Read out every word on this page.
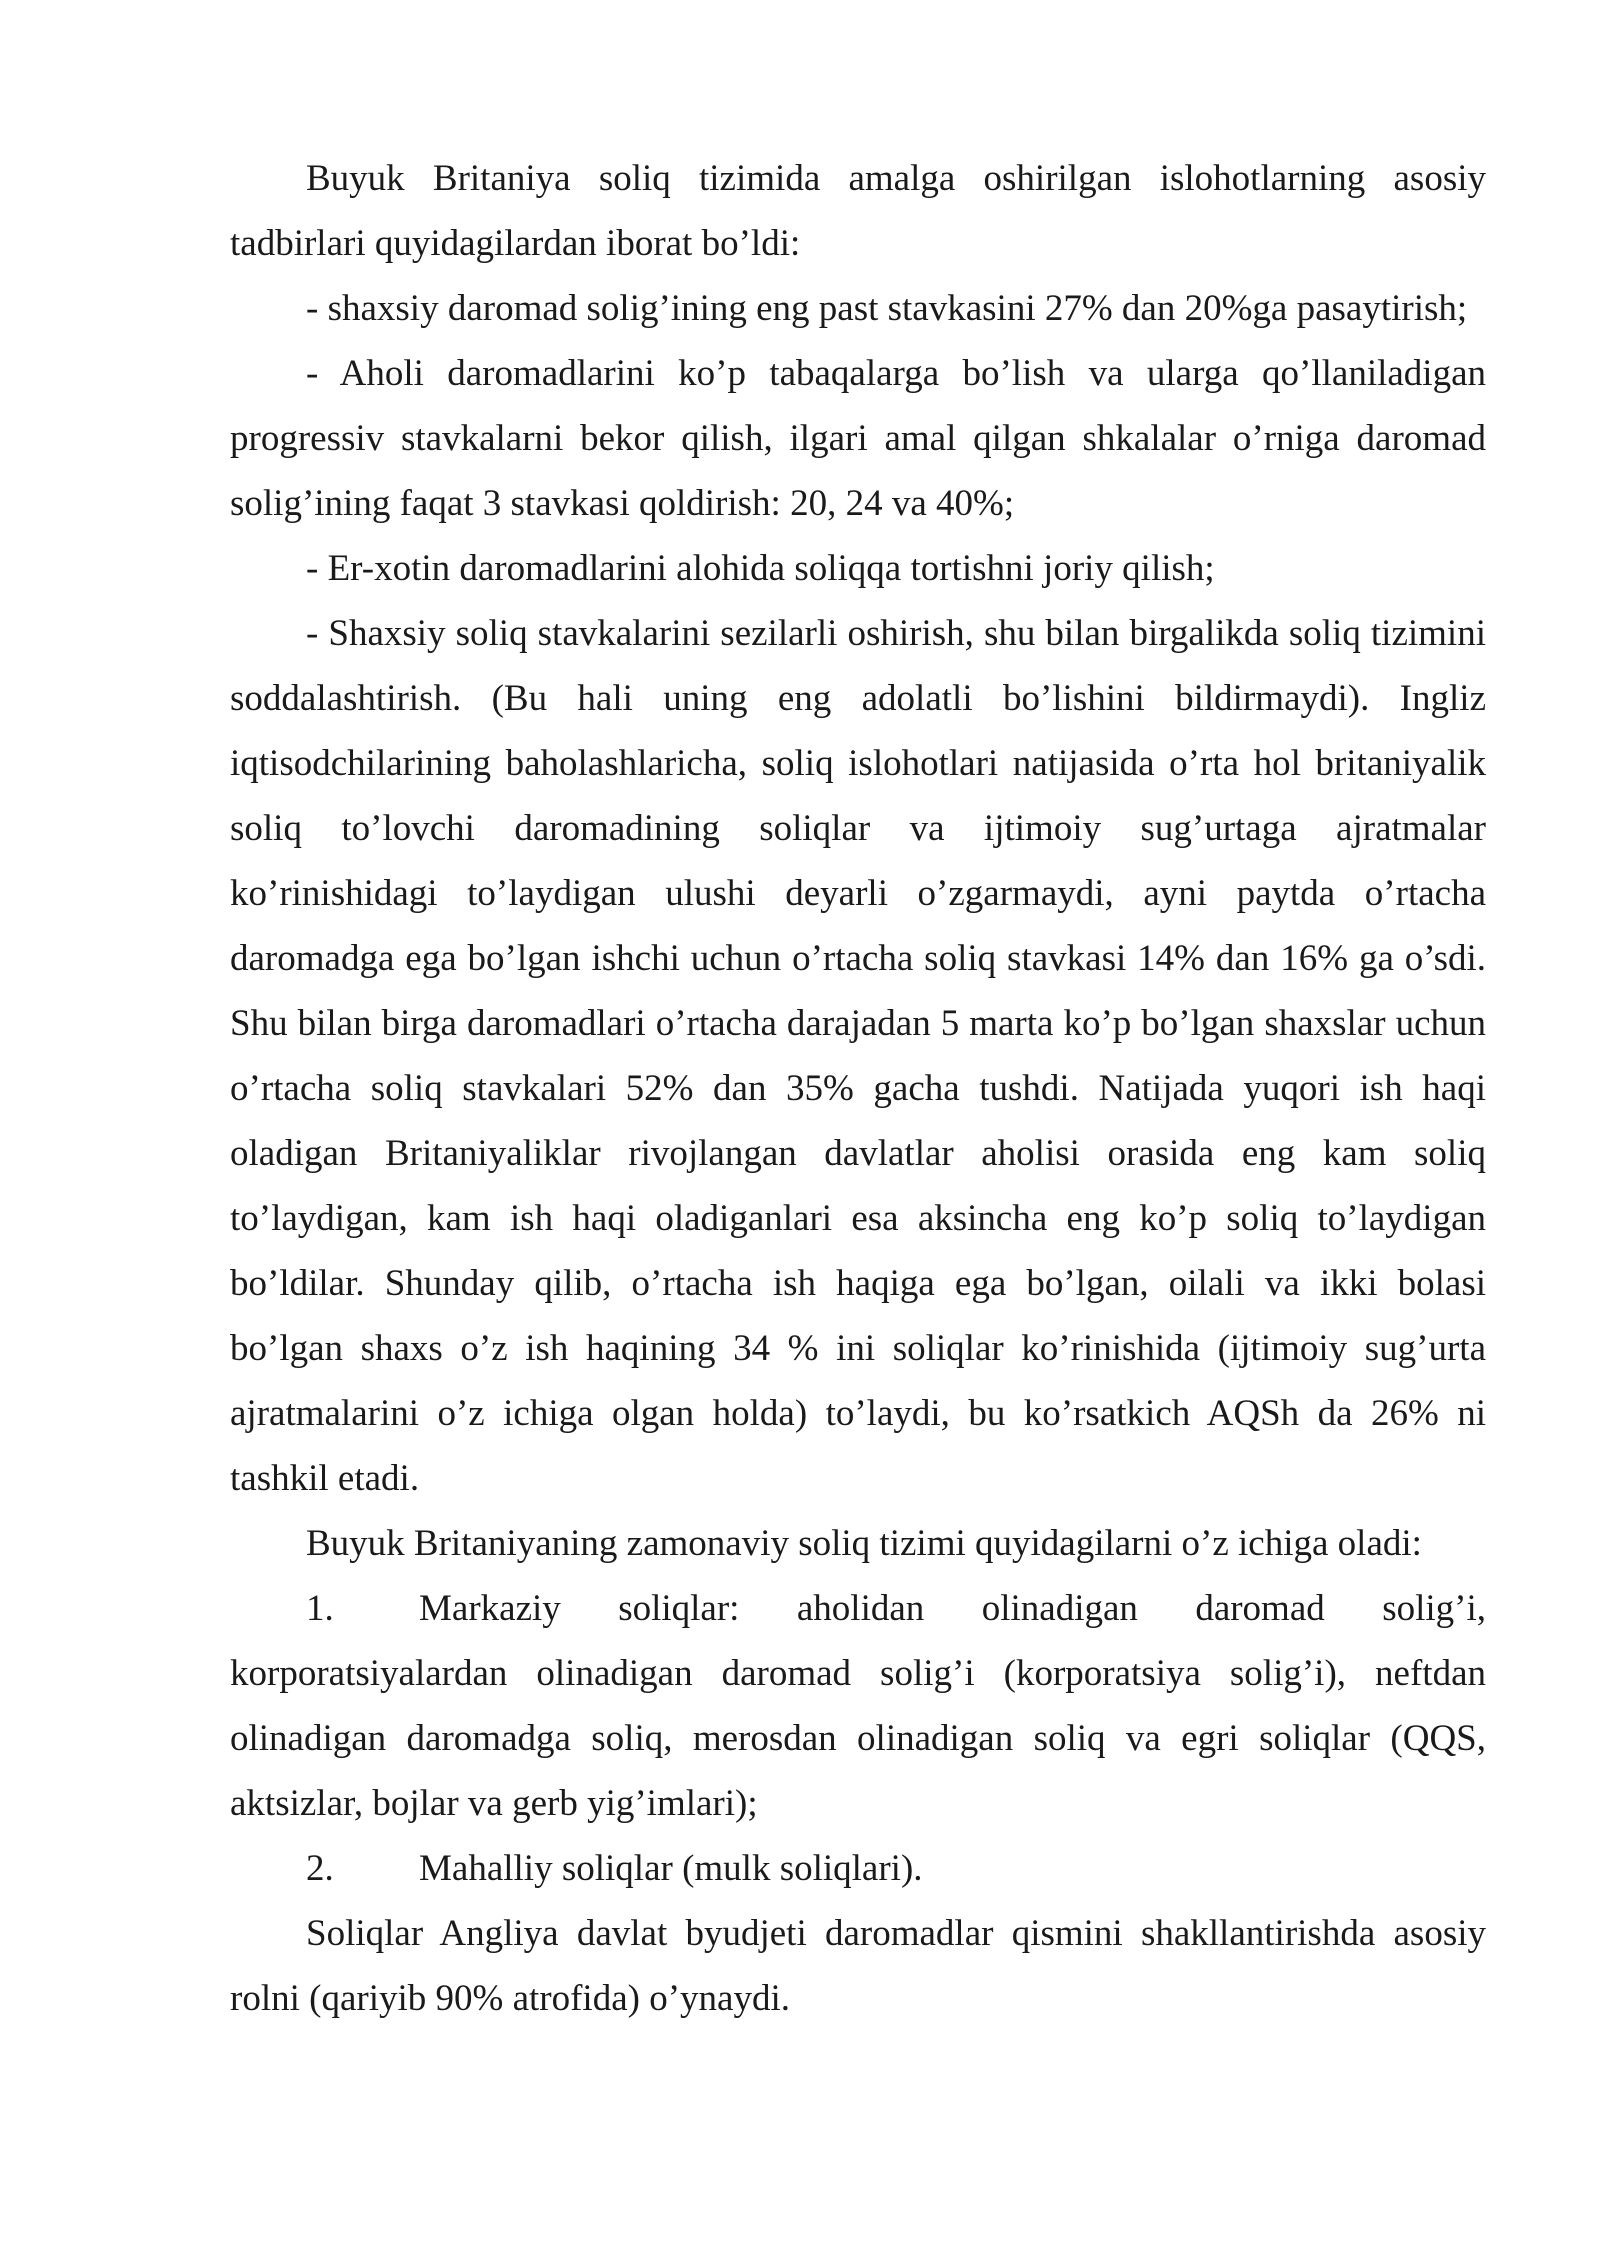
Buyuk Britaniya soliq tizimida amalga oshirilgan islohotlarning asosiy tadbirlari quyidagilardan iborat bo’ldi:

- shaxsiy daromad solig’ining eng past stavkasini 27% dan 20%ga pasaytirish;

- Aholi daromadlarini ko’p tabaqalarga bo’lish va ularga qo’llaniladigan progressiv stavkalarni bekor qilish, ilgari amal qilgan shkalalar o’rniga daromad solig’ining faqat 3 stavkasi qoldirish: 20, 24 va 40%;

- Er-xotin daromadlarini alohida soliqqa tortishni joriy qilish;

- Shaxsiy soliq stavkalarini sezilarli oshirish, shu bilan birgalikda soliq tizimini soddalashtirish. (Bu hali uning eng adolatli bo’lishini bildirmaydi). Ingliz iqtisodchilarining baholashlaricha, soliq islohotlari natijasida o’rta hol britaniyalik soliq to’lovchi daromadining soliqlar va ijtimoiy sug’urtaga ajratmalar ko’rinishidagi to’laydigan ulushi deyarli o’zgarmaydi, ayni paytda o’rtacha daromadga ega bo’lgan ishchi uchun o’rtacha soliq stavkasi 14% dan 16% ga o’sdi. Shu bilan birga daromadlari o’rtacha darajadan 5 marta ko’p bo’lgan shaxslar uchun o’rtacha soliq stavkalari 52% dan 35% gacha tushdi. Natijada yuqori ish haqi oladigan Britaniyaliklar rivojlangan davlatlar aholisi orasida eng kam soliq to’laydigan, kam ish haqi oladiganlari esa aksincha eng ko’p soliq to’laydigan bo’ldilar. Shunday qilib, o’rtacha ish haqiga ega bo’lgan, oilali va ikki bolasi bo’lgan shaxs o’z ish haqining 34 % ini soliqlar ko’rinishida (ijtimoiy sug’urta ajratmalarini o’z ichiga olgan holda) to’laydi, bu ko’rsatkich AQSh da 26% ni tashkil etadi.

Buyuk Britaniyaning zamonaviy soliq tizimi quyidagilarni o’z ichiga oladi:

1. Markaziy soliqlar: aholidan olinadigan daromad solig’i, korporatsiyalardan olinadigan daromad solig’i (korporatsiya solig’i), neftdan olinadigan daromadga soliq, merosdan olinadigan soliq va egri soliqlar (QQS, aktsizlar, bojlar va gerb yig’imlari);

2. Mahalliy soliqlar (mulk soliqlari).

Soliqlar Angliya davlat byudjeti daromadlar qismini shakllantirishda asosiy rolni (qariyib 90% atrofida) o’ynaydi.
